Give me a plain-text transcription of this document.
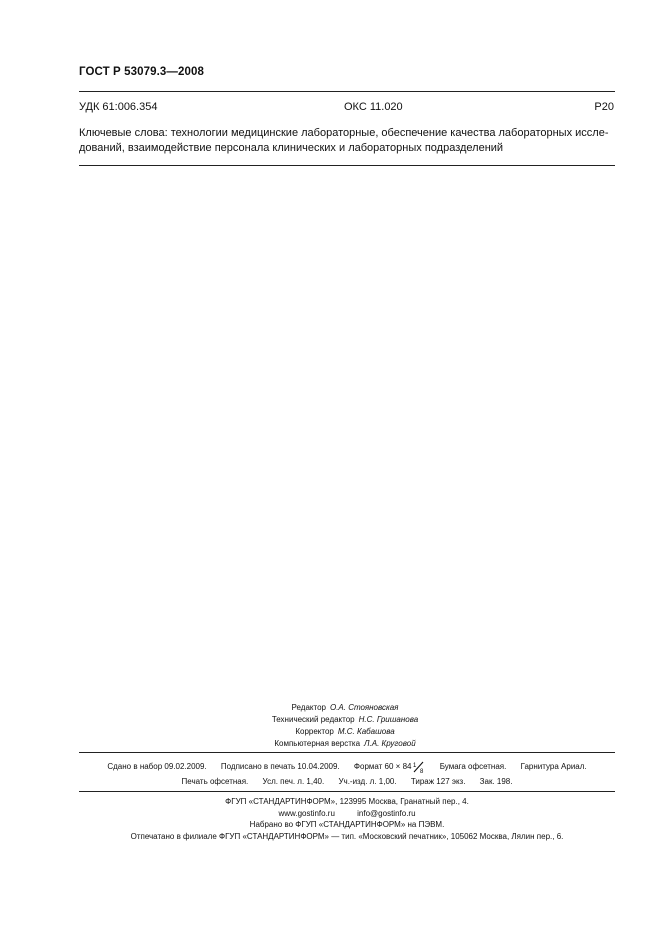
ГОСТ Р 53079.3—2008
УДК 61:006.354	ОКС 11.020	Р20
Ключевые слова: технологии медицинские лабораторные, обеспечение качества лабораторных иссле-
дований, взаимодействие персонала клинических и лабораторных подразделений
Редактор О.А. Стояновская
Технический редактор Н.С. Гришанова
Корректор М.С. Кабашова
Компьютерная верстка Л.А. Круговой
Сдано в набор 09.02.2009. Подписано в печать 10.04.2009. Формат 60 × 84 1
8
Бумага офсетная. Гарнитура Ариал.
Печать офсетная. Усл. печ. л. 1,40. Уч.-изд. л. 1,00. Тираж 127 экз. Зак. 198.
ФГУП «СТАНДАРТИНФОРМ», 123995 Москва, Гранатный пер., 4.
www.gostinfo.ru	info@gostinfo.ru
Набрано во ФГУП «СТАНДАРТИНФОРМ» на ПЭВМ.
Отпечатано в филиале ФГУП «СТАНДАРТИНФОРМ» — тип. «Московский печатник», 105062 Москва, Лялин пер., 6.
